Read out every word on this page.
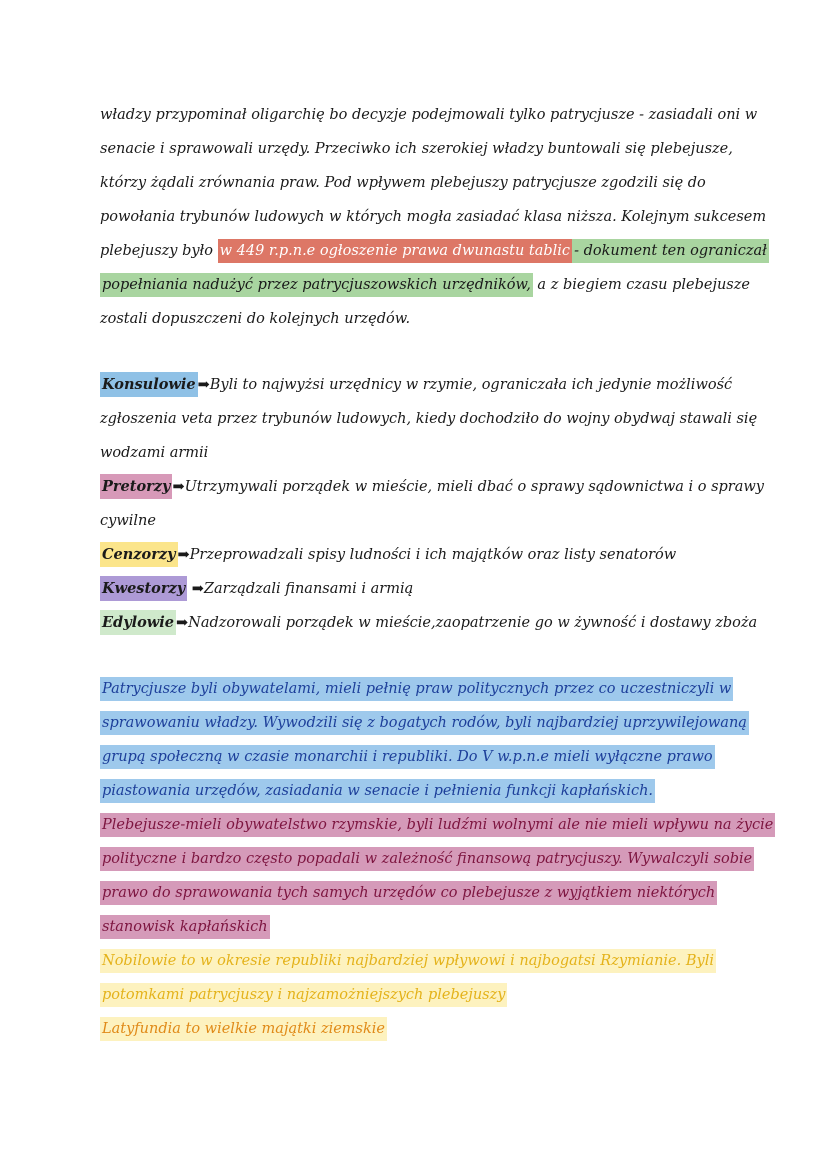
władzy przypominał oligarchię bo decyzje podejmowali tylko patrycjusze - zasiadali oni w
senacie i sprawowali urzędy. Przeciwko ich szerokiej władzy buntowali się plebejusze,
którzy żądali zrównania praw. Pod wpływem plebejuszy patrycjusze zgodzili się do
powołania trybunów ludowych w których mogła zasiadać klasa niższa. Kolejnym sukcesem
plebejuszy było w 449 r.p.n.e ogłoszenie prawa dwunastu tablic - dokument ten ograniczał
popełniania nadużyć przez patrycjuszowskich urzędników, a z biegiem czasu plebejusze
zostali dopuszczeni do kolejnych urzędów.
Konsulowie ➡Byli to najwyżsi urzędnicy w rzymie, ograniczała ich jedynie możliwość
zgłoszenia veta przez trybunów ludowych, kiedy dochodziło do wojny obydwaj stawali się
wodzami armii
Pretorzy ➡Utrzymywali porządek w mieście, mieli dbać o sprawy sądownictwa i o sprawy
cywilne
Cenzorzy ➡Przeprowadzali spisy ludności i ich majątków oraz listy senatorów
Kwestorzy ➡Zarządzali finansami i armią
Edylowie ➡Nadzorowali porządek w mieście,zaopatrzenie go w żywność i dostawy zboża
Patrycjusze byli obywatelami, mieli pełnię praw politycznych przez co uczestniczyli w
sprawowaniu władzy. Wywodzili się z bogatych rodów, byli najbardziej uprzywilejowaną
grupą społeczną w czasie monarchii i republiki. Do V w.p.n.e mieli wyłączne prawo
piastowania urzędów, zasiadania w senacie i pełnienia funkcji kapłańskich.
Plebejusze-mieli obywatelstwo rzymskie, byli ludźmi wolnymi ale nie mieli wpływu na życie
polityczne i bardzo często popadali w zależność finansową patrycjuszy. Wywalczyli sobie
prawo do sprawowania tych samych urzędów co plebejusze z wyjątkiem niektórych
stanowisk kapłańskich
Nobilowie to w okresie republiki najbardziej wpływowi i najbogatsi Rzymianie. Byli
potomkami patrycjuszy i najzamożniejszych plebejuszy
Latyfundia to wielkie majątki ziemskie
